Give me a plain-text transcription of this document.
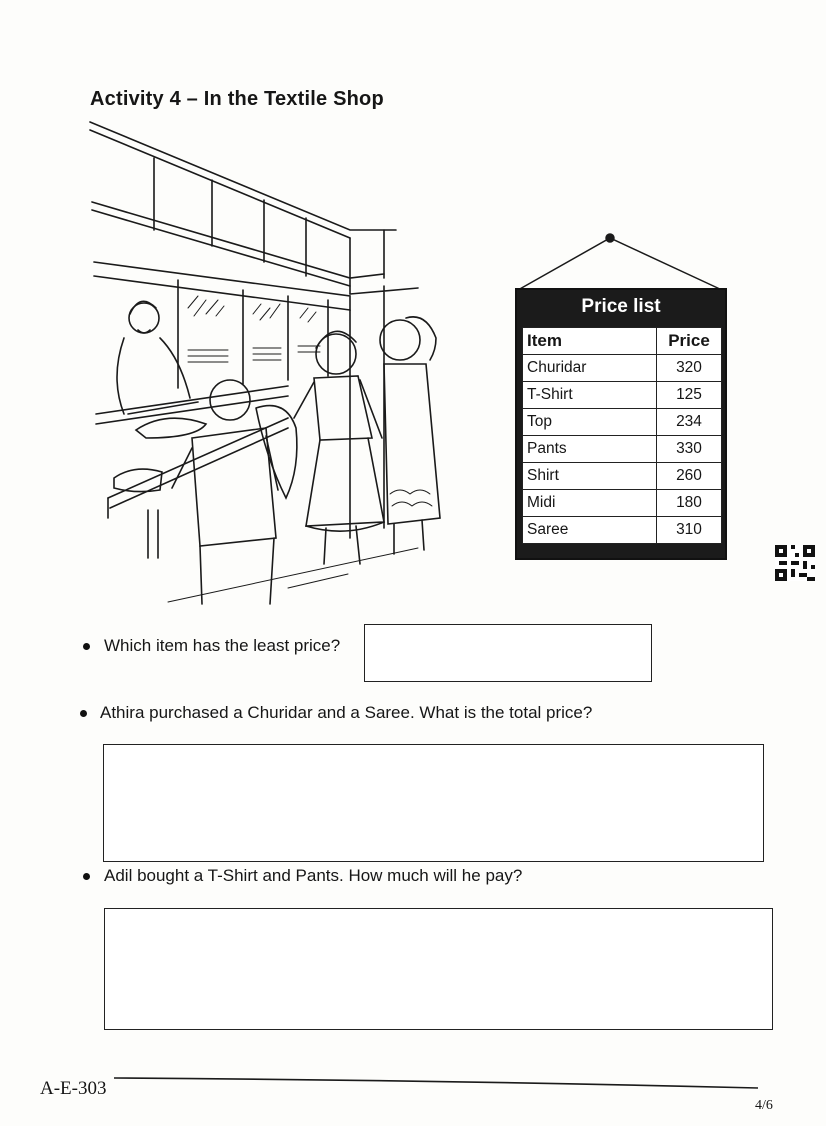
Activity 4 – In the Textile Shop
Price list
Item	Price
Churidar	320
T-Shirt	125
Top	234
Pants	330
Shirt	260
Midi	180
Saree	310
Which item has the least price?
Athira purchased a Churidar and a Saree. What is the total price?
Adil bought a T-Shirt and Pants. How much will he pay?
A-E-303
4/6
